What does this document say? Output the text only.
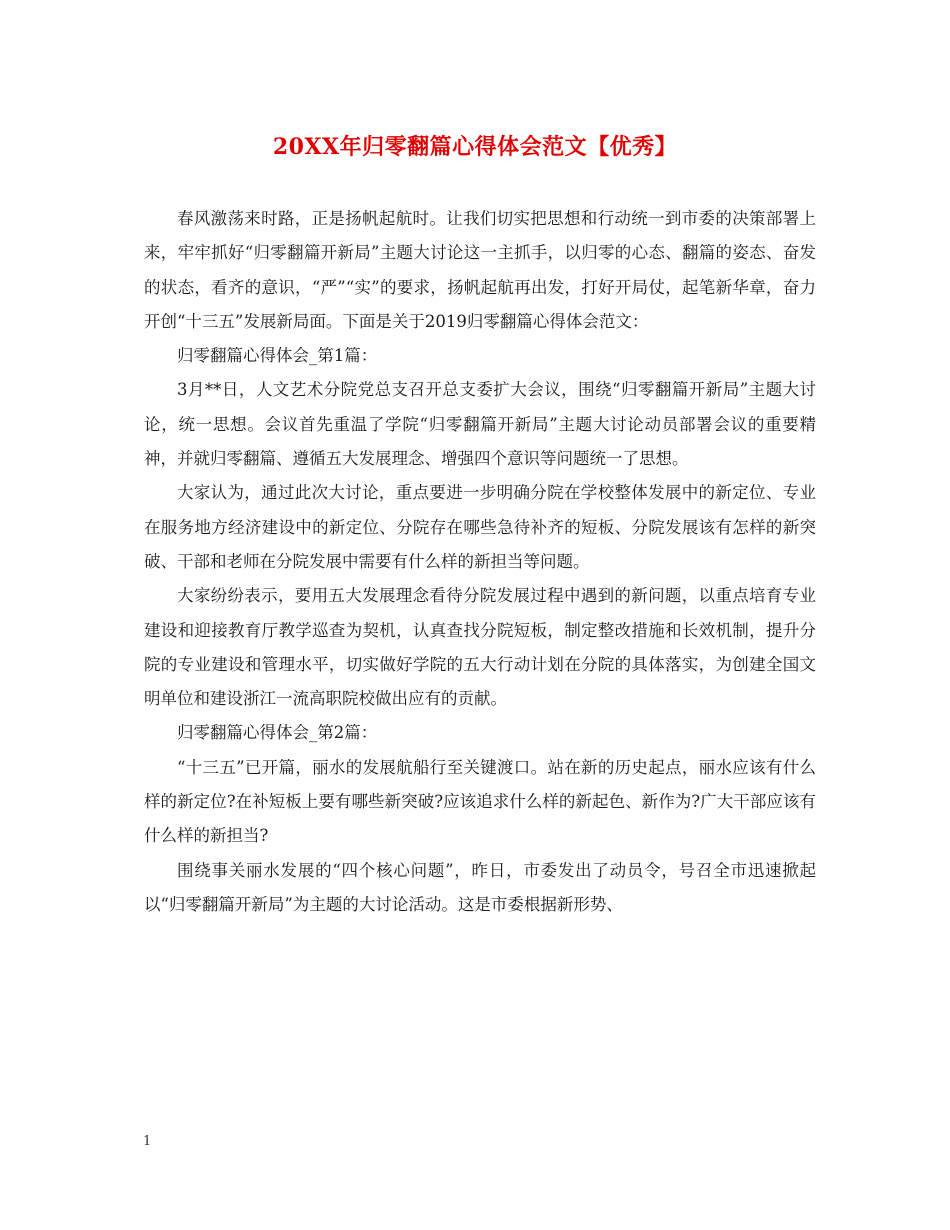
20XX年归零翻篇心得体会范文【优秀】

春风激荡来时路，正是扬帆起航时。让我们切实把思想和行动统一到市委的决策部署上来，牢牢抓好“归零翻篇开新局”主题大讨论这一主抓手，以归零的心态、翻篇的姿态、奋发的状态，看齐的意识，“严”“实”的要求，扬帆起航再出发，打好开局仗，起笔新华章，奋力开创“十三五”发展新局面。下面是关于2019归零翻篇心得体会范文：

归零翻篇心得体会_第1篇：

3月**日，人文艺术分院党总支召开总支委扩大会议，围绕“归零翻篇开新局”主题大讨论，统一思想。会议首先重温了学院“归零翻篇开新局”主题大讨论动员部署会议的重要精神，并就归零翻篇、遵循五大发展理念、增强四个意识等问题统一了思想。

大家认为，通过此次大讨论，重点要进一步明确分院在学校整体发展中的新定位、专业在服务地方经济建设中的新定位、分院存在哪些急待补齐的短板、分院发展该有怎样的新突破、干部和老师在分院发展中需要有什么样的新担当等问题。

大家纷纷表示，要用五大发展理念看待分院发展过程中遇到的新问题，以重点培育专业建设和迎接教育厅教学巡查为契机，认真查找分院短板，制定整改措施和长效机制，提升分院的专业建设和管理水平，切实做好学院的五大行动计划在分院的具体落实，为创建全国文明单位和建设浙江一流高职院校做出应有的贡献。

归零翻篇心得体会_第2篇：

“十三五”已开篇，丽水的发展航船行至关键渡口。站在新的历史起点，丽水应该有什么样的新定位?在补短板上要有哪些新突破?应该追求什么样的新起色、新作为?广大干部应该有什么样的新担当?

围绕事关丽水发展的“四个核心问题”，昨日，市委发出了动员令，号召全市迅速掀起以“归零翻篇开新局”为主题的大讨论活动。这是市委根据新形势、

1
